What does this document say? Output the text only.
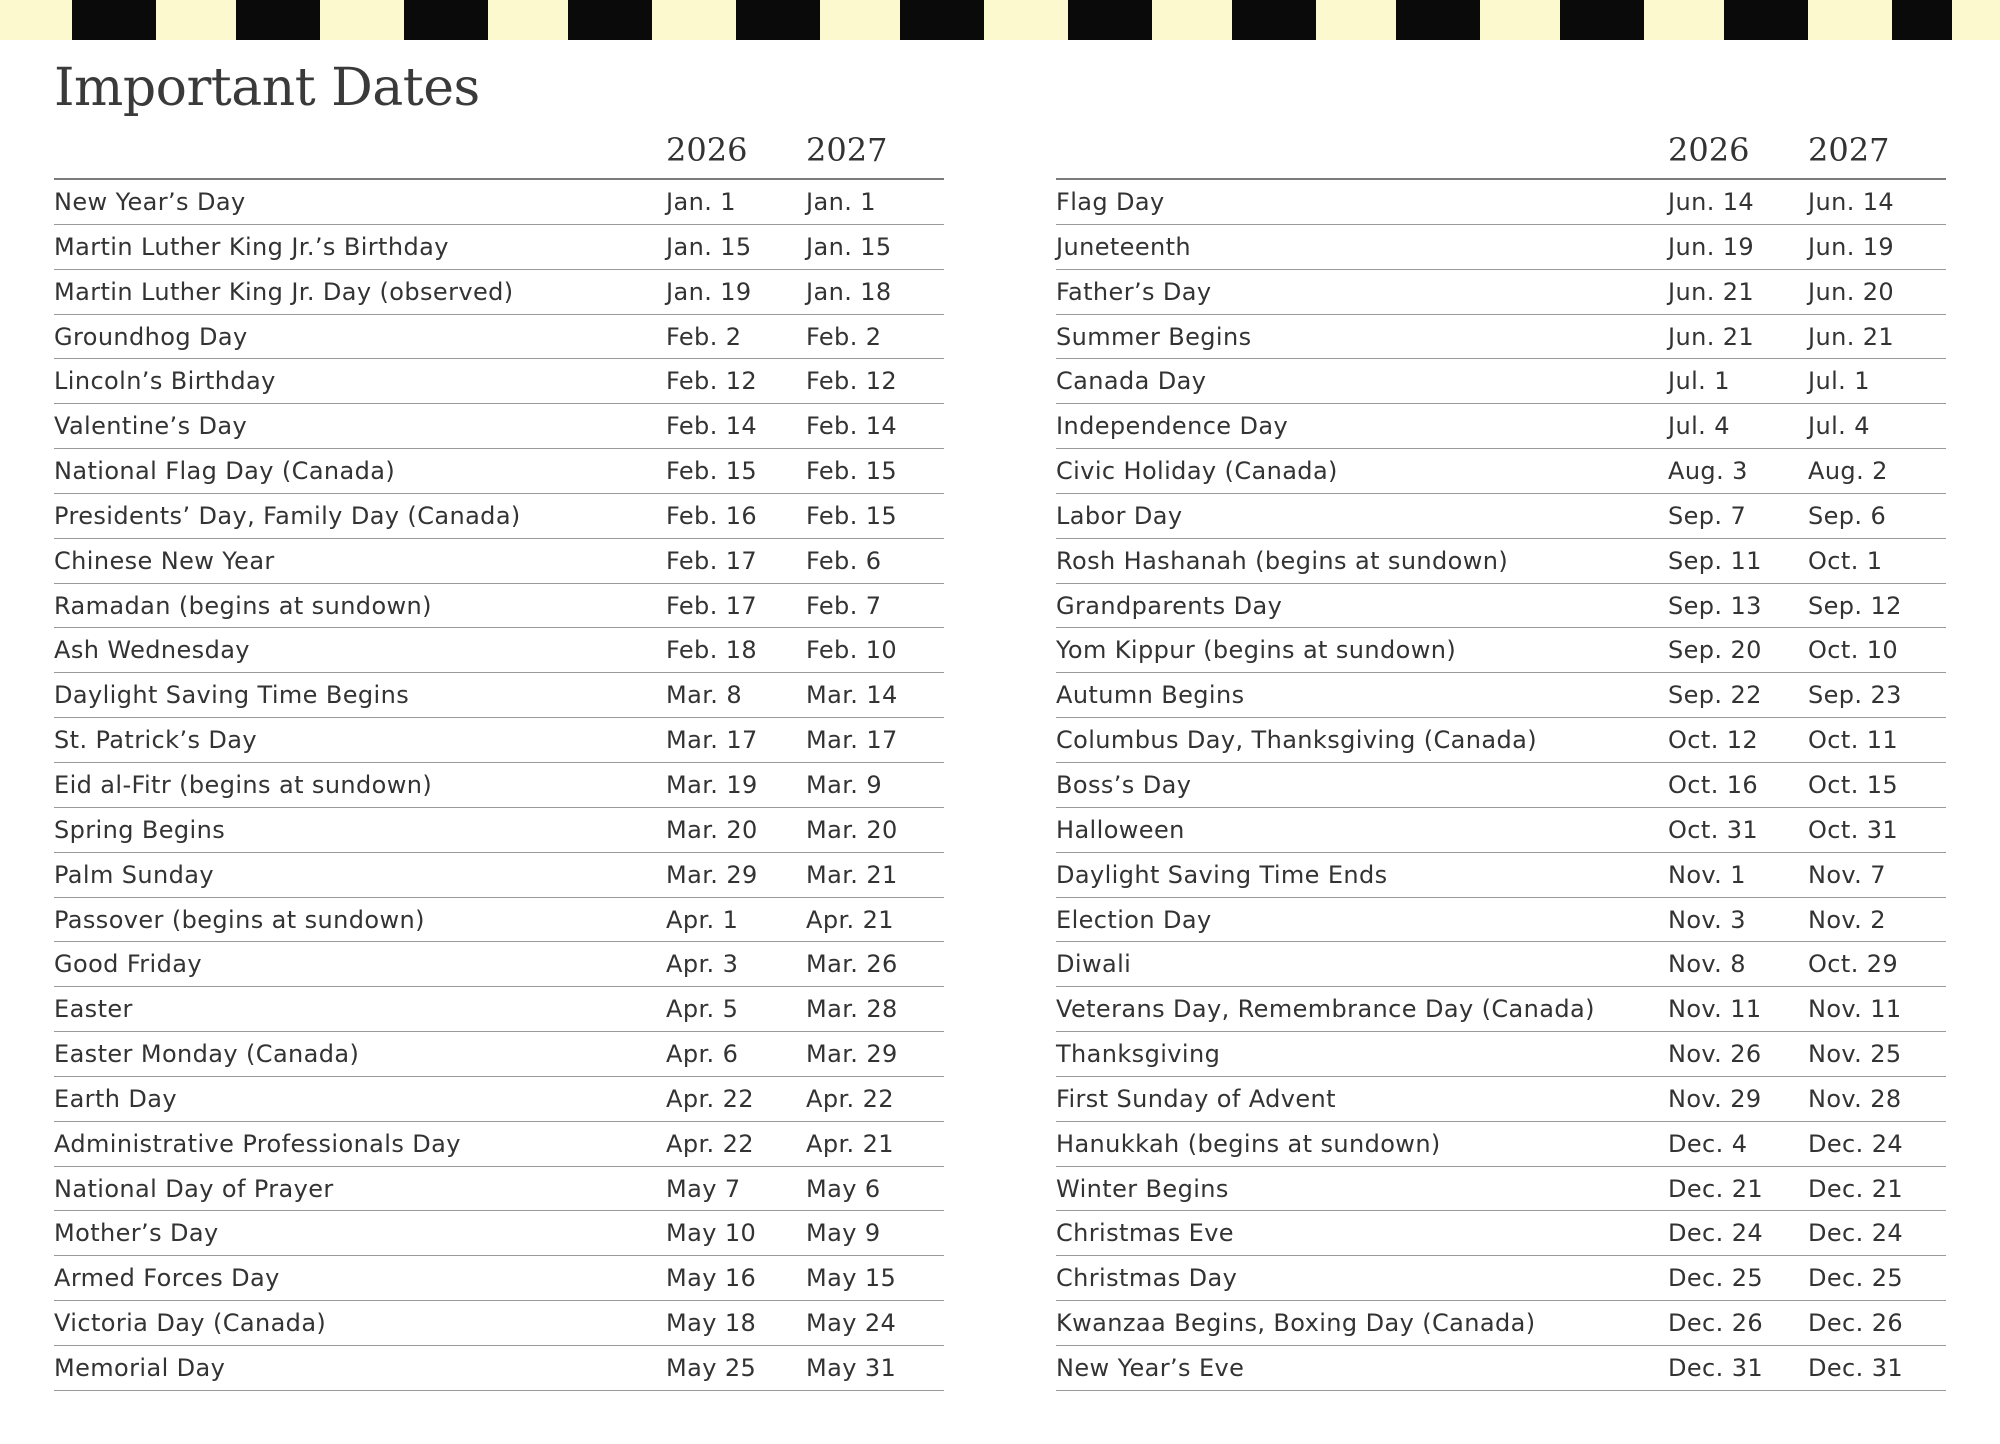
Important Dates
2026 2027
New Year’s Day	Jan. 1	Jan. 1
Martin Luther King Jr.’s Birthday	Jan. 15 Jan. 15
Martin Luther King Jr. Day (observed)	Jan. 19 Jan. 18
Groundhog Day	Feb. 2	Feb. 2
Lincoln’s Birthday	Feb. 12 Feb. 12
Valentine’s Day	Feb. 14 Feb. 14
National Flag Day (Canada)	Feb. 15 Feb. 15
Presidents’ Day, Family Day (Canada)	Feb. 16 Feb. 15
Chinese New Year	Feb. 17 Feb. 6
Ramadan (begins at sundown)	Feb. 17 Feb. 7
Ash Wednesday	Feb. 18 Feb. 10
Daylight Saving Time Begins	Mar. 8	Mar. 14
St. Patrick’s Day	Mar. 17 Mar. 17
Eid al-Fitr (begins at sundown)	Mar. 19 Mar. 9
Spring Begins	Mar. 20 Mar. 20
Palm Sunday	Mar. 29 Mar. 21
Passover (begins at sundown)	Apr. 1	Apr. 21
Good Friday	Apr. 3	Mar. 26
Easter	Apr. 5	Mar. 28
Easter Monday (Canada)	Apr. 6	Mar. 29
Earth Day	Apr. 22 Apr. 22
Administrative Professionals Day	Apr. 22 Apr. 21
National Day of Prayer	May 7	May 6
Mother’s Day	May 10 May 9
Armed Forces Day	May 16 May 15
Victoria Day (Canada)	May 18 May 24
Memorial Day	May 25 May 31
2026 2027
Flag Day	Jun. 14 Jun. 14
Juneteenth	Jun. 19 Jun. 19
Father’s Day	Jun. 21 Jun. 20
Summer Begins	Jun. 21 Jun. 21
Canada Day	Jul. 1	Jul. 1
Independence Day	Jul. 4	Jul. 4
Civic Holiday (Canada)	Aug. 3	Aug. 2
Labor Day	Sep. 7	Sep. 6
Rosh Hashanah (begins at sundown)	Sep. 11 Oct. 1
Grandparents Day	Sep. 13 Sep. 12
Yom Kippur (begins at sundown)	Sep. 20 Oct. 10
Autumn Begins	Sep. 22 Sep. 23
Columbus Day, Thanksgiving (Canada)	Oct. 12 Oct. 11
Boss’s Day	Oct. 16 Oct. 15
Halloween	Oct. 31 Oct. 31
Daylight Saving Time Ends	Nov. 1	Nov. 7
Election Day	Nov. 3	Nov. 2
Diwali	Nov. 8	Oct. 29
Veterans Day, Remembrance Day (Canada)	Nov. 11 Nov. 11
Thanksgiving	Nov. 26 Nov. 25
First Sunday of Advent	Nov. 29 Nov. 28
Hanukkah (begins at sundown)	Dec. 4	Dec. 24
Winter Begins	Dec. 21 Dec. 21
Christmas Eve	Dec. 24 Dec. 24
Christmas Day	Dec. 25 Dec. 25
Kwanzaa Begins, Boxing Day (Canada)	Dec. 26 Dec. 26
New Year’s Eve	Dec. 31 Dec. 31
